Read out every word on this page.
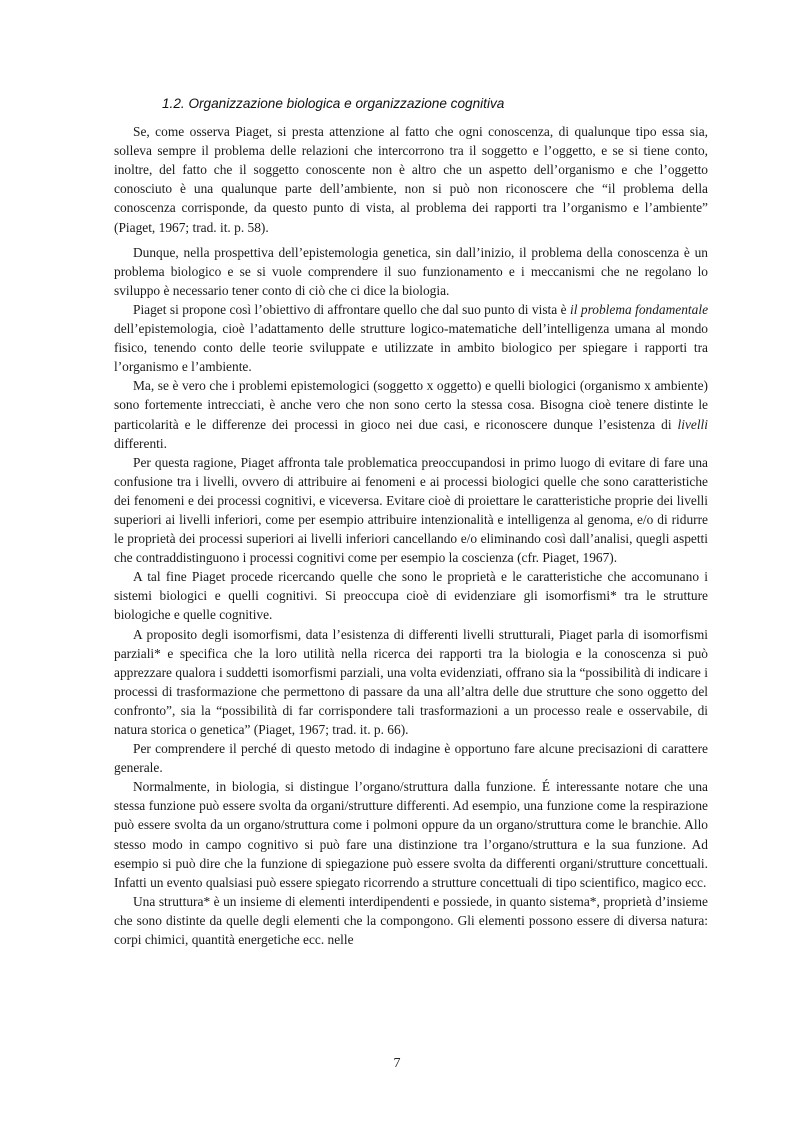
1.2. Organizzazione biologica e organizzazione cognitiva

Se, come osserva Piaget, si presta attenzione al fatto che ogni conoscenza, di qualunque tipo essa sia, solleva sempre il problema delle relazioni che intercorrono tra il soggetto e l’oggetto, e se si tiene conto, inoltre, del fatto che il soggetto conoscente non è altro che un aspetto dell’organismo e che l’oggetto conosciuto è una qualunque parte dell’ambiente, non si può non riconoscere che “il problema della conoscenza corrisponde, da questo punto di vista, al problema dei rapporti tra l’organismo e l’ambiente” (Piaget, 1967; trad. it. p. 58).

Dunque, nella prospettiva dell’epistemologia genetica, sin dall’inizio, il problema della conoscenza è un problema biologico e se si vuole comprendere il suo funzionamento e i meccanismi che ne regolano lo sviluppo è necessario tener conto di ciò che ci dice la biologia.

Piaget si propone così l’obiettivo di affrontare quello che dal suo punto di vista è il problema fondamentale dell’epistemologia, cioè l’adattamento delle strutture logico-matematiche dell’intelligenza umana al mondo fisico, tenendo conto delle teorie sviluppate e utilizzate in ambito biologico per spiegare i rapporti tra l’organismo e l’ambiente.

Ma, se è vero che i problemi epistemologici (soggetto x oggetto) e quelli biologici (organismo x ambiente) sono fortemente intrecciati, è anche vero che non sono certo la stessa cosa. Bisogna cioè tenere distinte le particolarità e le differenze dei processi in gioco nei due casi, e riconoscere dunque l’esistenza di livelli differenti.

Per questa ragione, Piaget affronta tale problematica preoccupandosi in primo luogo di evitare di fare una confusione tra i livelli, ovvero di attribuire ai fenomeni e ai processi biologici quelle che sono caratteristiche dei fenomeni e dei processi cognitivi, e viceversa. Evitare cioè di proiettare le caratteristiche proprie dei livelli superiori ai livelli inferiori, come per esempio attribuire intenzionalità e intelligenza al genoma, e/o di ridurre le proprietà dei processi superiori ai livelli inferiori cancellando e/o eliminando così dall’analisi, quegli aspetti che contraddistinguono i processi cognitivi come per esempio la coscienza (cfr. Piaget, 1967).

A tal fine Piaget procede ricercando quelle che sono le proprietà e le caratteristiche che accomunano i sistemi biologici e quelli cognitivi. Si preoccupa cioè di evidenziare gli isomorfismi* tra le strutture biologiche e quelle cognitive.

A proposito degli isomorfismi, data l’esistenza di differenti livelli strutturali, Piaget parla di isomorfismi parziali* e specifica che la loro utilità nella ricerca dei rapporti tra la biologia e la conoscenza si può apprezzare qualora i suddetti isomorfismi parziali, una volta evidenziati, offrano sia la “possibilità di indicare i processi di trasformazione che permettono di passare da una all’altra delle due strutture che sono oggetto del confronto”, sia la “possibilità di far corrispondere tali trasformazioni a un processo reale e osservabile, di natura storica o genetica” (Piaget, 1967; trad. it. p. 66).

Per comprendere il perché di questo metodo di indagine è opportuno fare alcune precisazioni di carattere generale.

Normalmente, in biologia, si distingue l’organo/struttura dalla funzione. É interessante notare che una stessa funzione può essere svolta da organi/strutture differenti. Ad esempio, una funzione come la respirazione può essere svolta da un organo/struttura come i polmoni oppure da un organo/struttura come le branchie. Allo stesso modo in campo cognitivo si può fare una distinzione tra l’organo/struttura e la sua funzione. Ad esempio si può dire che la funzione di spiegazione può essere svolta da differenti organi/strutture concettuali. Infatti un evento qualsiasi può essere spiegato ricorrendo a strutture concettuali di tipo scientifico, magico ecc.

Una struttura* è un insieme di elementi interdipendenti e possiede, in quanto sistema*, proprietà d’insieme che sono distinte da quelle degli elementi che la compongono. Gli elementi possono essere di diversa natura: corpi chimici, quantità energetiche ecc. nelle

7
